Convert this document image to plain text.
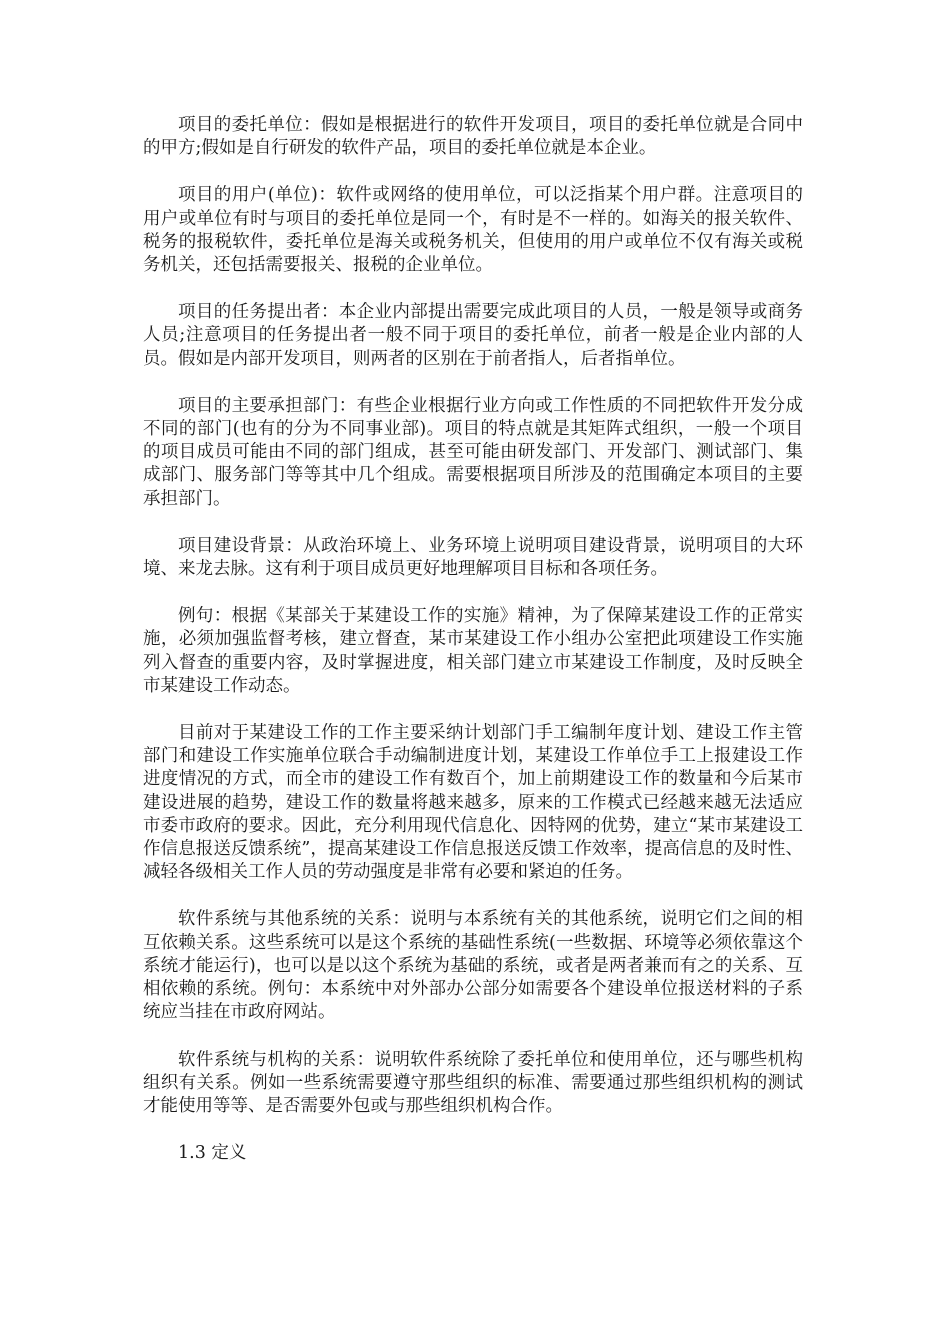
项目的委托单位：假如是根据进行的软件开发项目，项目的委托单位就是合同中的甲方;假如是自行研发的软件产品，项目的委托单位就是本企业。

项目的用户(单位)：软件或网络的使用单位，可以泛指某个用户群。注意项目的用户或单位有时与项目的委托单位是同一个，有时是不一样的。如海关的报关软件、税务的报税软件，委托单位是海关或税务机关，但使用的用户或单位不仅有海关或税务机关，还包括需要报关、报税的企业单位。

项目的任务提出者：本企业内部提出需要完成此项目的人员，一般是领导或商务人员;注意项目的任务提出者一般不同于项目的委托单位，前者一般是企业内部的人员。假如是内部开发项目，则两者的区别在于前者指人，后者指单位。

项目的主要承担部门：有些企业根据行业方向或工作性质的不同把软件开发分成不同的部门(也有的分为不同事业部)。项目的特点就是其矩阵式组织，一般一个项目的项目成员可能由不同的部门组成，甚至可能由研发部门、开发部门、测试部门、集成部门、服务部门等等其中几个组成。需要根据项目所涉及的范围确定本项目的主要承担部门。

项目建设背景：从政治环境上、业务环境上说明项目建设背景，说明项目的大环境、来龙去脉。这有利于项目成员更好地理解项目目标和各项任务。

例句：根据《某部关于某建设工作的实施》精神，为了保障某建设工作的正常实施，必须加强监督考核，建立督查，某市某建设工作小组办公室把此项建设工作实施列入督查的重要内容，及时掌握进度，相关部门建立市某建设工作制度，及时反映全市某建设工作动态。

目前对于某建设工作的工作主要采纳计划部门手工编制年度计划、建设工作主管部门和建设工作实施单位联合手动编制进度计划，某建设工作单位手工上报建设工作进度情况的方式，而全市的建设工作有数百个，加上前期建设工作的数量和今后某市建设进展的趋势，建设工作的数量将越来越多，原来的工作模式已经越来越无法适应市委市政府的要求。因此，充分利用现代信息化、因特网的优势，建立“某市某建设工作信息报送反馈系统”，提高某建设工作信息报送反馈工作效率，提高信息的及时性、减轻各级相关工作人员的劳动强度是非常有必要和紧迫的任务。

软件系统与其他系统的关系：说明与本系统有关的其他系统，说明它们之间的相互依赖关系。这些系统可以是这个系统的基础性系统(一些数据、环境等必须依靠这个系统才能运行)，也可以是以这个系统为基础的系统，或者是两者兼而有之的关系、互相依赖的系统。例句：本系统中对外部办公部分如需要各个建设单位报送材料的子系统应当挂在市政府网站。

软件系统与机构的关系：说明软件系统除了委托单位和使用单位，还与哪些机构组织有关系。例如一些系统需要遵守那些组织的标准、需要通过那些组织机构的测试才能使用等等、是否需要外包或与那些组织机构合作。

1.3 定义
